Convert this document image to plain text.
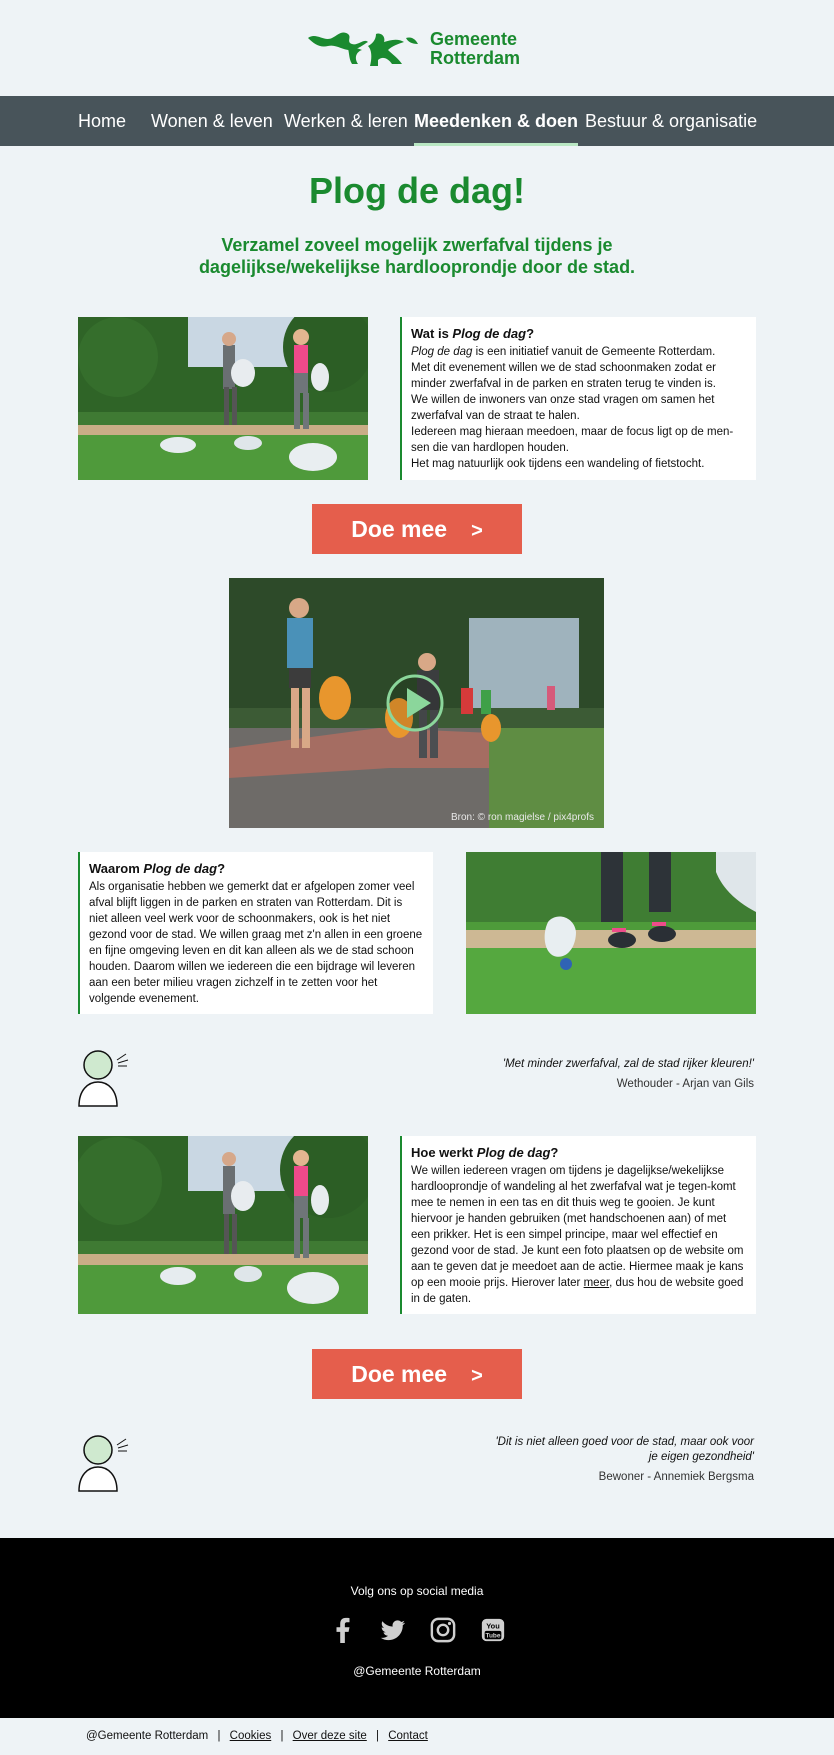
Gemeente
Rotterdam
Home Wonen & leven Werken & leren Meedenken & doen Bestuur & organisatie
Plog de dag!
Verzamel zoveel mogelijk zwerfafval tijdens je
dagelijkse/wekelijkse hardlooprondje door de stad.
Wat is Plog de dag?

Plog de dag is een initiatief vanuit de Gemeente Rotterdam.

Met dit evenement willen we de stad schoonmaken zodat er minder zwerfafval in de parken en straten terug te vinden is.

We willen de inwoners van onze stad vragen om samen het zwerfafval van de straat te halen.

Iedereen mag hieraan meedoen, maar de focus ligt op de men-sen die van hardlopen houden.

Het mag natuurlijk ook tijdens een wandeling of fietstocht.

Doe mee >
Bron: © ron magielse / pix4profs
Waarom Plog de dag?

Als organisatie hebben we gemerkt dat er afgelopen zomer veel afval blijft liggen in de parken en straten van Rotterdam. Dit is niet alleen veel werk voor de schoonmakers, ook is het niet gezond voor de stad. We willen graag met z'n allen in een groene en fijne omgeving leven en dit kan alleen als we de stad schoon houden. Daarom willen we iedereen die een bijdrage wil leveren aan een beter milieu vragen zichzelf in te zetten voor het volgende evenement.

'Met minder zwerfafval, zal de stad rijker kleuren!'
Wethouder - Arjan van Gils
Hoe werkt Plog de dag?

We willen iedereen vragen om tijdens je dagelijkse/wekelijkse hardlooprondje of wandeling al het zwerfafval wat je tegen-komt mee te nemen in een tas en dit thuis weg te gooien. Je kunt hiervoor je handen gebruiken (met handschoenen aan) of met een prikker. Het is een simpel principe, maar wel effectief en gezond voor de stad. Je kunt een foto plaatsen op de website om aan te geven dat je meedoet aan de actie. Hiermee maak je kans op een mooie prijs. Hierover later meer, dus hou de website goed in de gaten.

Doe mee >
'Dit is niet alleen goed voor de stad, maar ook voor
je eigen gezondheid'
Bewoner - Annemiek Bergsma
Volg ons op social media
You
Tube
@Gemeente Rotterdam
@Gemeente Rotterdam | Cookies | Over deze site | Contact
